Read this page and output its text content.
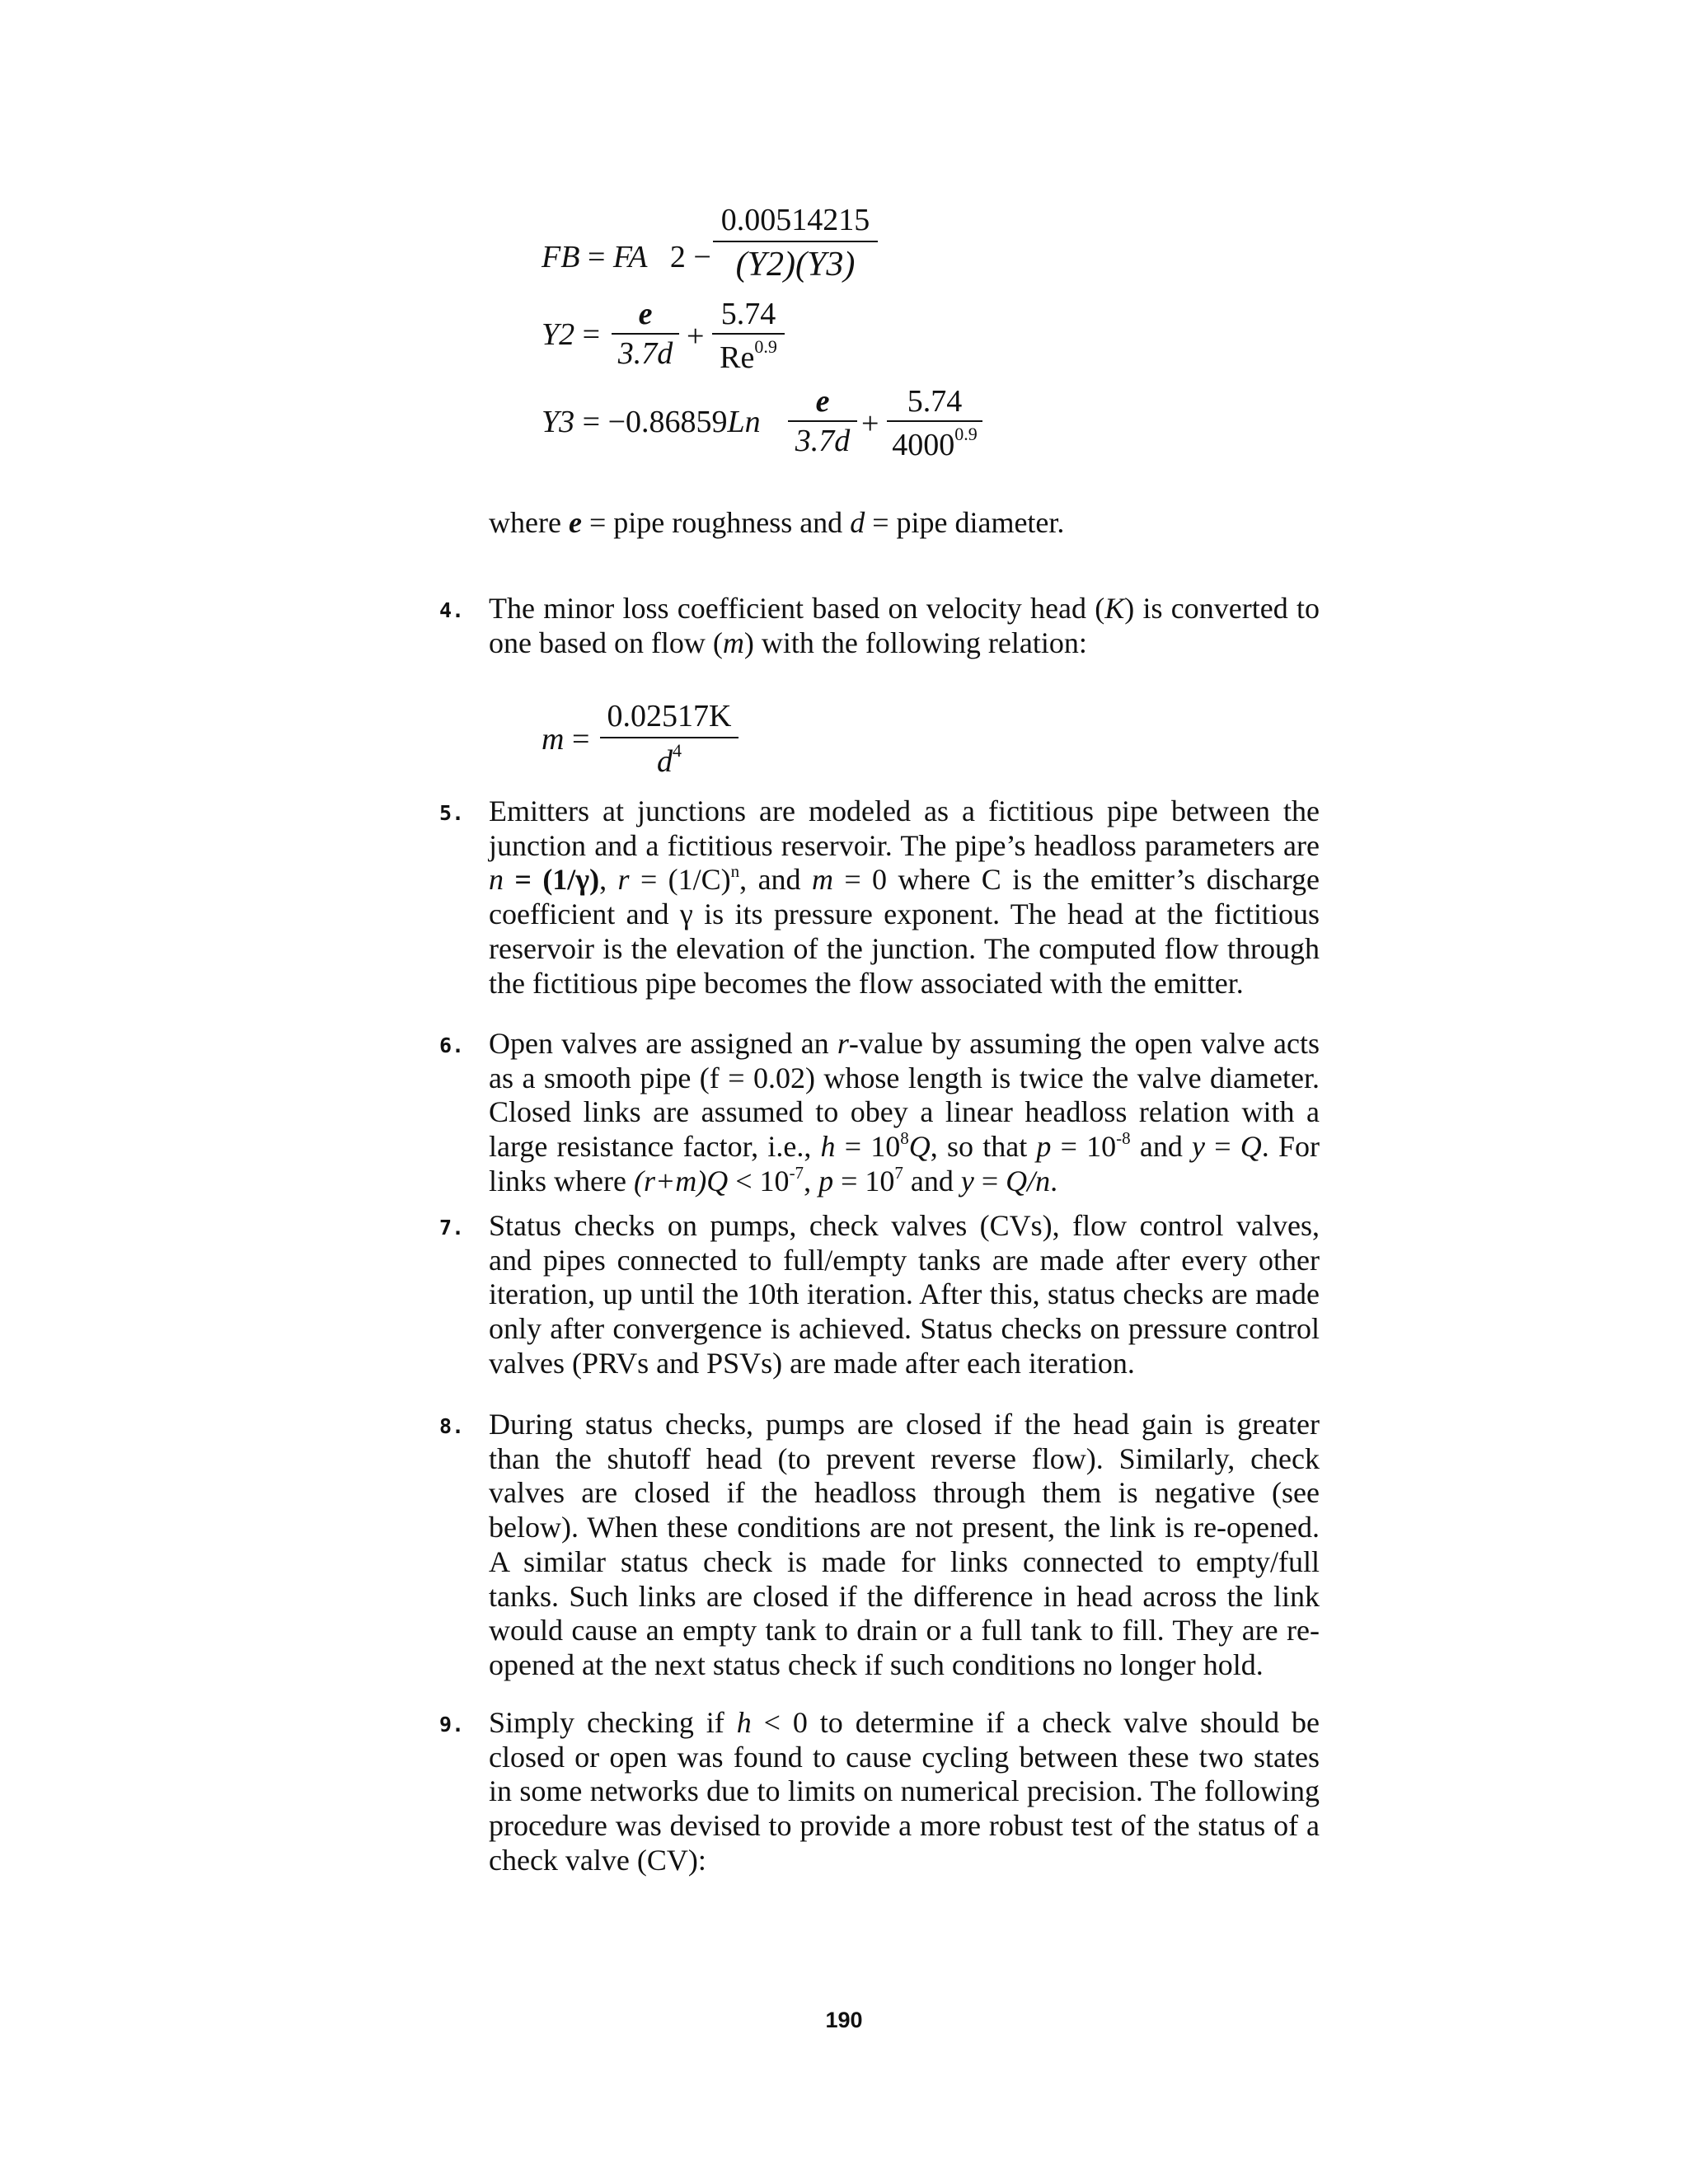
FB = FA 2 −
0.00514215
(Y2)(Y3)
Y2 =
e
3.7d +
5.74
$Re^{0.9}$
Y3 = −0.86859Ln
e
3.7d +
5.74
$4000^{0.9}$
where e = pipe roughness and d = pipe diameter.
4. The minor loss coefficient based on velocity head (K) is converted to one based on flow (m) with the following relation:
m =
0.02517K
$d^4$
5. Emitters at junctions are modeled as a fictitious pipe between the junction and a fictitious reservoir. The pipe’s headloss parameters are n = (1/γ), $r = (1/C)^n$, and m = 0 where C is the emitter’s discharge coefficient and γ is its pressure exponent. The head at the fictitious reservoir is the elevation of the junction. The computed flow through the fictitious pipe becomes the flow associated with the emitter.
6. Open valves are assigned an r-value by assuming the open valve acts as a smooth pipe (f = 0.02) whose length is twice the valve diameter. Closed links are assumed to obey a linear headloss relation with a large resistance factor, i.e., $h = 10^8Q$, so that $p = 10^{-8}$ and y = Q. For links where $(r+m)Q < 10^{-7}$, $p = 10^7$ and y = Q/n.
7. Status checks on pumps, check valves (CVs), flow control valves, and pipes connected to full/empty tanks are made after every other iteration, up until the 10th iteration. After this, status checks are made only after convergence is achieved. Status checks on pressure control valves (PRVs and PSVs) are made after each iteration.
8. During status checks, pumps are closed if the head gain is greater than the shutoff head (to prevent reverse flow). Similarly, check valves are closed if the headloss through them is negative (see below). When these conditions are not present, the link is re-opened. A similar status check is made for links connected to empty/full tanks. Such links are closed if the difference in head across the link would cause an empty tank to drain or a full tank to fill. They are re-opened at the next status check if such conditions no longer hold.
9. Simply checking if h < 0 to determine if a check valve should be closed or open was found to cause cycling between these two states in some networks due to limits on numerical precision. The following procedure was devised to provide a more robust test of the status of a check valve (CV):
190
